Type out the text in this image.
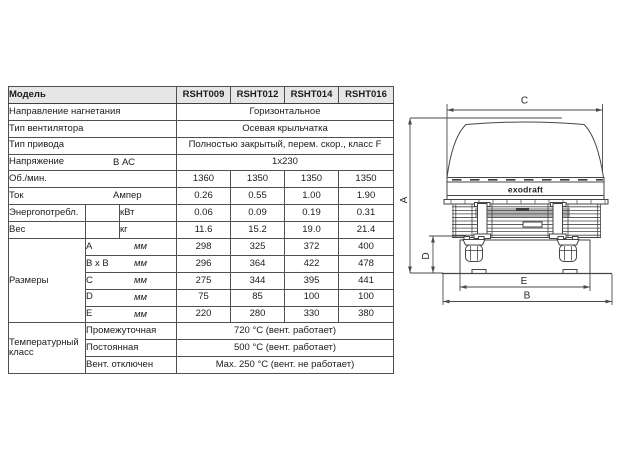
Модель			RSHT009	RSHT012	RSHT014	RSHT016
Направление нагнетания			Горизонтальное			
Тип вентилятора			Осевая крыльчатка			
Тип привода			Полностью закрытый, перем. скор., класс F			
Напряжение В АС			1x230			
Об./мин.			1360	1350	1350	1350
Ток Ампер			0.26	0.55	1.00	1.90
Энергопотребл.		кВт	0.06	0.09	0.19	0.31
Вес		кг	11.6	15.2	19.0	21.4
Размеры	A мм		298	325	372	400
	B x B мм		296	364	422	478
	C мм		275	344	395	441
	D мм		75	85	100	100
	E мм		220	280	330	380
Температурный класс	Промежуточная		720 °C (вент. работает)			
	Постоянная		500 °C (вент. работает)			
	Вент. отключен		Max. 250 °C (вент. не работает)			
C
A
D
E
B
exodraft
